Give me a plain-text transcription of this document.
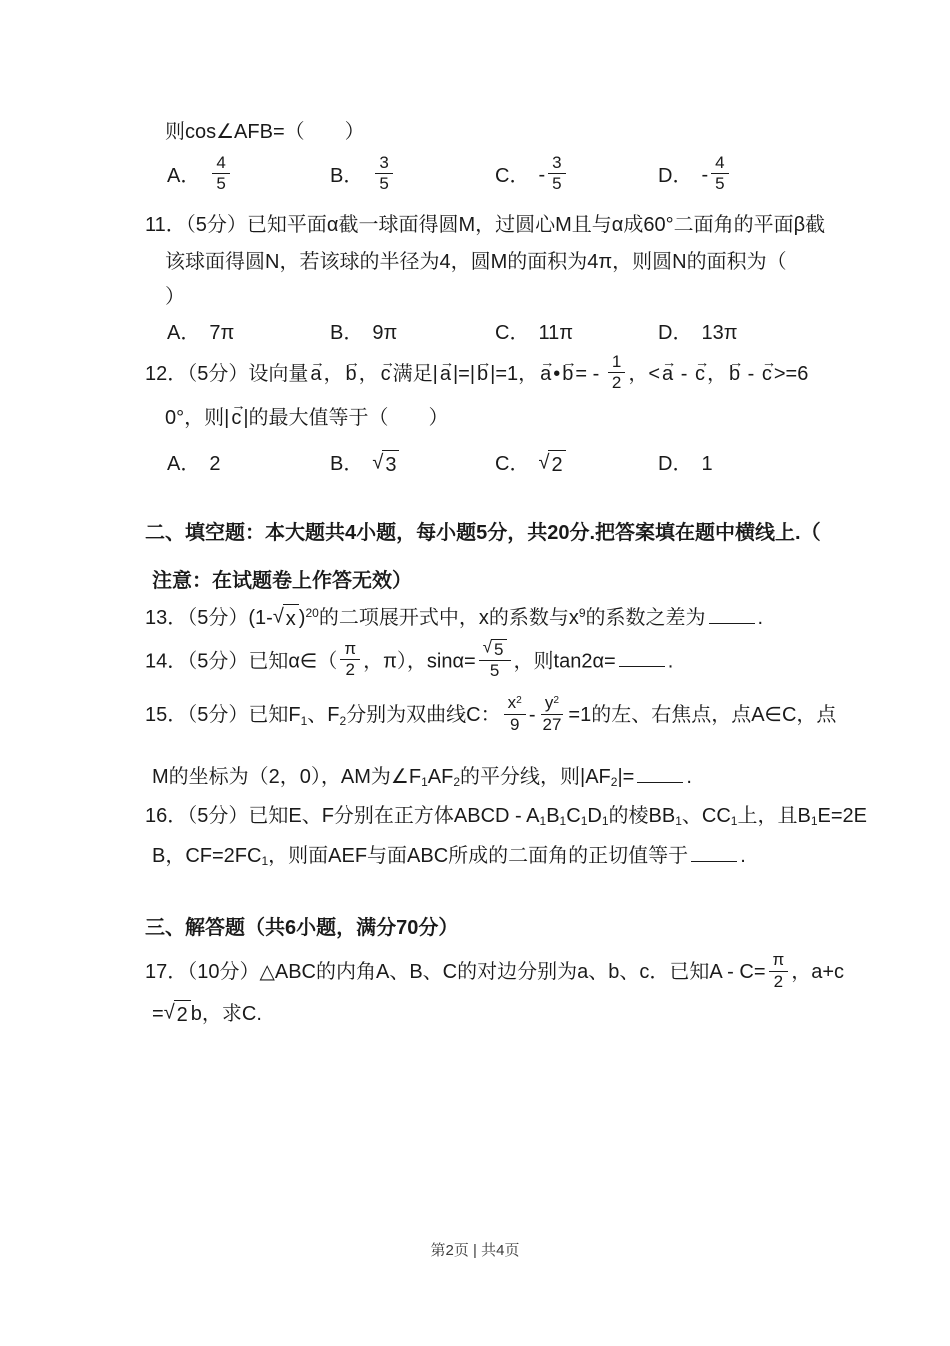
则cos∠AFB=（　　）
A． $\frac{4}{5}$	B． $\frac{3}{5}$	C． - $\frac{3}{5}$	D． - $\frac{4}{5}$
11．（5分）已知平面α截一球面得圆M，过圆心M且与α成60°二面角的平面β截
该球面得圆N，若该球的半径为4，圆M的面积为4π，则圆N的面积为（
）
A． 7π	B． 9π	C． 11π	D． 13π
12．（5分）设向量 a → ， b → ， c → 满足| a → |=| b → |=1， a → • b → = - $\frac{1}{2}$ ，< a → - c → ， b → - c → >=6
0°，则| c → |的最大值等于（　　）
A． 2	B． √ 3	C． √ 2	D． 1
二、填空题：本大题共4小题，每小题5分，共20分.把答案填在题中横线上.（
注意：在试题卷上作答无效）
13．（5分）(1- √ x )$^{20}$的二项展开式中，x的系数与$x^9$的系数之差为	.
14．（5分）已知α∈（ $\frac{\pi}{2}$ ，π），$\sin\alpha= \frac{√ 5}{5}$ ，则tan2α=	.
15．（5分）已知$F_1$、$F_2$分别为双曲线C： $\frac{x^2}{9} - \frac{y^2}{27} =1$的左、右焦点，点A∈C，点
M的坐标为（2，0），AM为$\angle F_1AF_2$的平分线，则$|AF_2|=$	.
16．（5分）已知E、F分别在正方体ABCD - $A_1B_1C_1D_1$的棱$BB_1$、$CC_1$上，且$B_1E=2E$
B，$CF=2FC_1$，则面AEF与面ABC所成的二面角的正切值等于	.
三、解答题（共6小题，满分70分）
17．（10分）△ABC的内角A、B、C的对边分别为a、b、c．已知$A - C= \frac{\pi}{2}$ ，a+c
= √ 2 b，求C.
第2页 | 共4页
